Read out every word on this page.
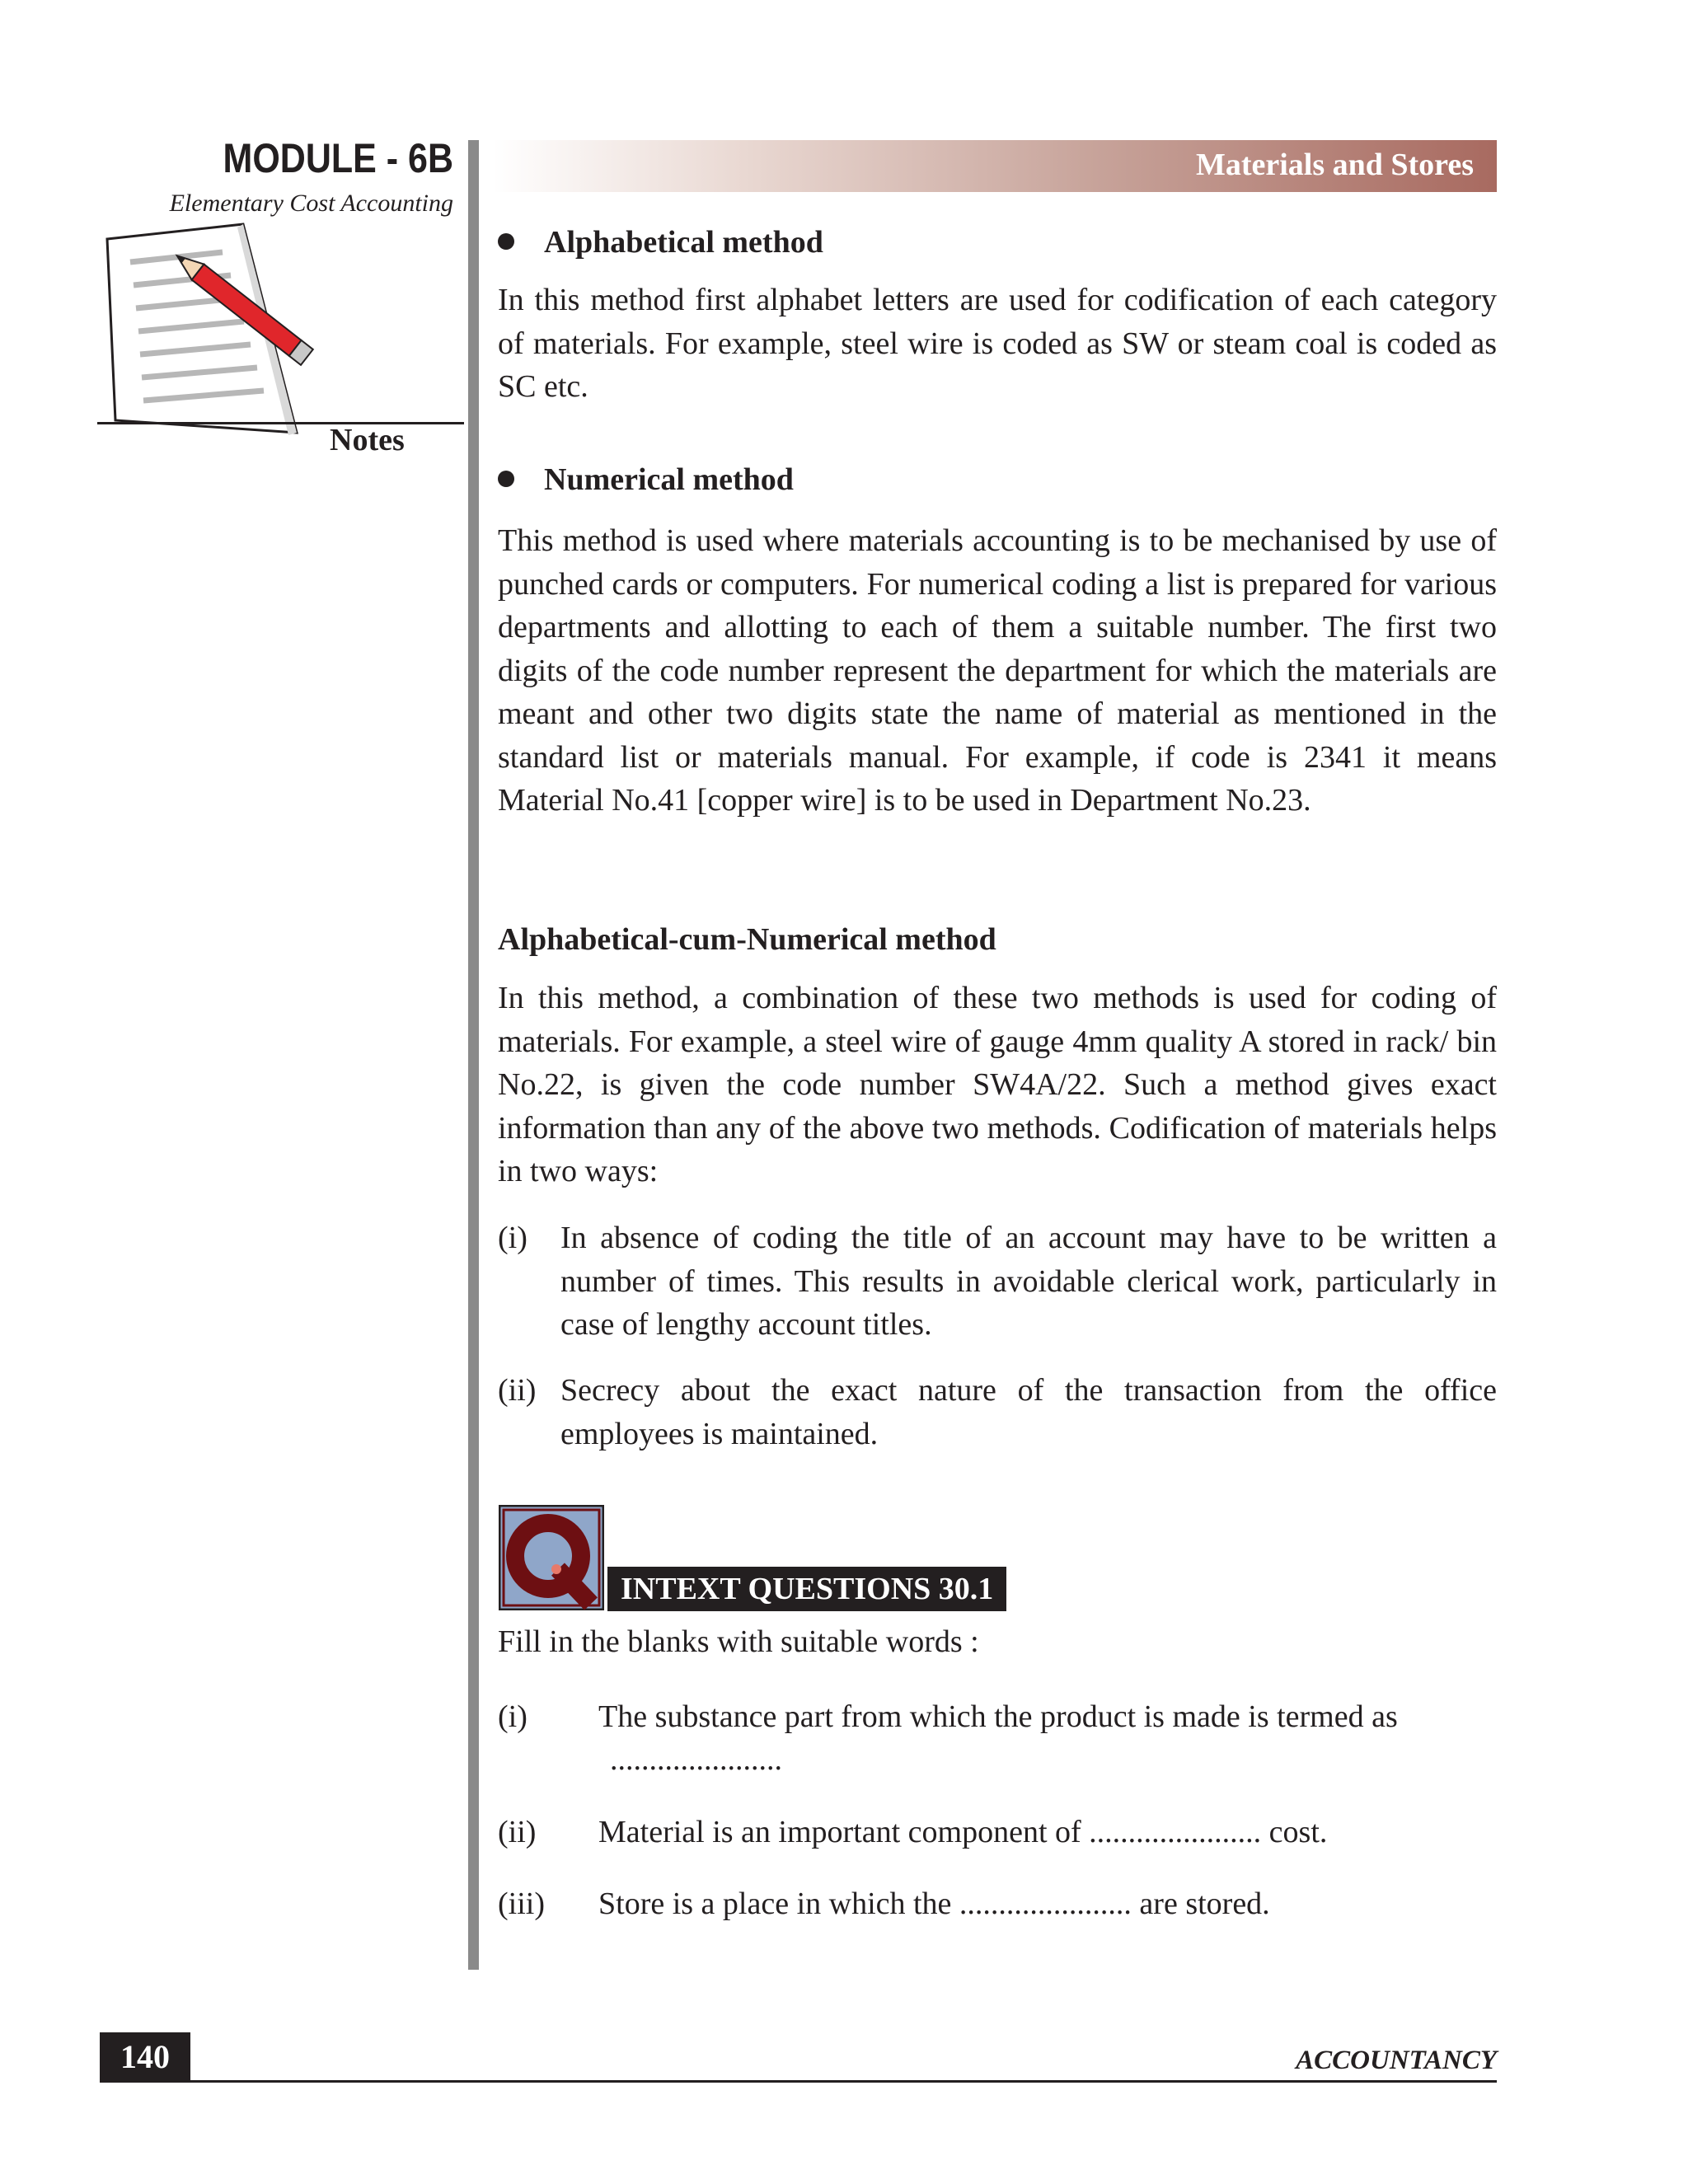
MODULE - 6B
Elementary Cost Accounting
Notes
Materials and Stores
Alphabetical method
In this method first alphabet letters are used for codification of each category of materials. For example, steel wire is coded as SW or steam coal is coded as SC etc.
Numerical method
This method is used where materials accounting is to be mechanised by use of punched cards or computers. For numerical coding a list is prepared for various departments and allotting to each of them a suitable number. The first two digits of the code number represent the department for which the materials are meant and other two digits state the name of material as mentioned in the standard list or materials manual. For example, if code is 2341 it means Material No.41 [copper wire] is to be used in Department No.23.
Alphabetical-cum-Numerical method
In this method, a combination of these two methods is used for coding of materials. For example, a steel wire of gauge 4mm quality A stored in rack/ bin No.22, is given the code number SW4A/22. Such a method gives exact information than any of the above two methods. Codification of materials helps in two ways:
(i) In absence of coding the title of an account may have to be written a number of times. This results in avoidable clerical work, particularly in case of lengthy account titles.
(ii) Secrecy about the exact nature of the transaction from the office employees is maintained.
INTEXT QUESTIONS 30.1
Fill in the blanks with suitable words :
(i) The substance part from which the product is made is termed as
......................
(ii) Material is an important component of ...................... cost.
(iii) Store is a place in which the ...................... are stored.
140	ACCOUNTANCY
